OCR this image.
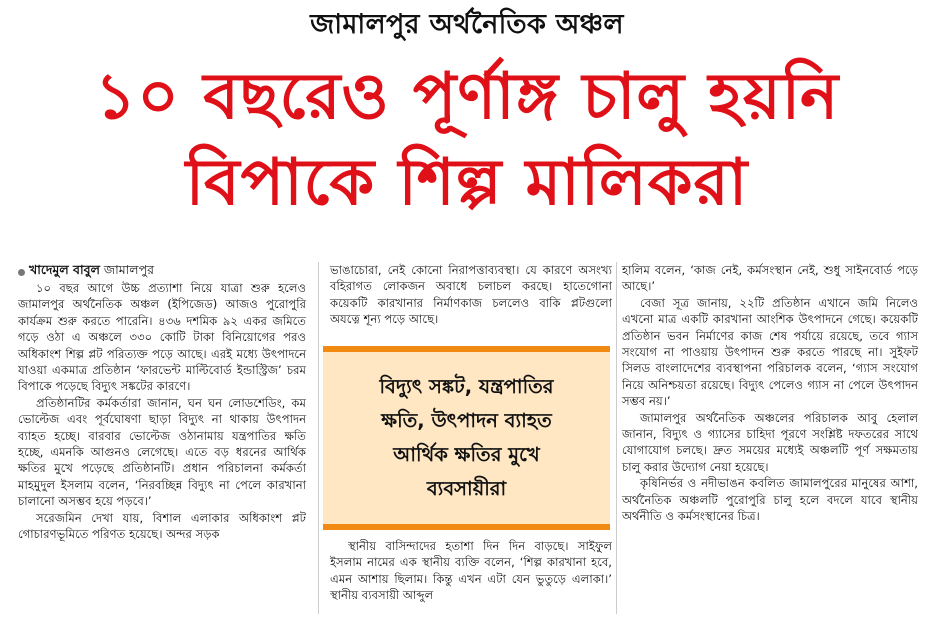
জামালপুর অর্থনৈতিক অঞ্চল
১০ বছরেও পূর্ণাঙ্গ চালু হয়নি
বিপাকে শিল্প মালিকরা
খাদেমুল বাবুল জামালপুর

১০ বছর আগে উচ্চ প্রত্যাশা নিয়ে যাত্রা শুরু হলেও জামালপুর অর্থনৈতিক অঞ্চল (ইপিজেড) আজও পুরোপুরি কার্যক্রম শুরু করতে পারেনি। ৪৩৬ দশমিক ৯২ একর জমিতে গড়ে ওঠা এ অঞ্চলে ৩৩০ কোটি টাকা বিনিয়োগের পরও অধিকাংশ শিল্প প্লট পরিত্যক্ত পড়ে আছে। এরই মধ্যে উৎপাদনে যাওয়া একমাত্র প্রতিষ্ঠান ‘ফারভেন্ট মাল্টিবোর্ড ইন্ডাস্ট্রিজ’ চরম বিপাকে পড়েছে বিদ্যুৎ সঙ্কটের কারণে।

প্রতিষ্ঠানটির কর্মকর্তারা জানান, ঘন ঘন লোডশেডিং, কম ভোল্টেজ এবং পূর্বঘোষণা ছাড়া বিদ্যুৎ না থাকায় উৎপাদন ব্যাহত হচ্ছে। বারবার ভোল্টেজ ওঠানামায় যন্ত্রপাতির ক্ষতি হচ্ছে, এমনকি আগুনও লেগেছে। এতে বড় ধরনের আর্থিক ক্ষতির মুখে পড়েছে প্রতিষ্ঠানটি। প্রধান পরিচালনা কর্মকর্তা মাহমুদুল ইসলাম বলেন, ‘নিরবচ্ছিন্ন বিদ্যুৎ না পেলে কারখানা চালানো অসম্ভব হয়ে পড়বে।’

সরেজমিন দেখা যায়, বিশাল এলাকার অধিকাংশ প্লট গোচারণভূমিতে পরিণত হয়েছে। অন্দর সড়ক

ভাঙাচোরা, নেই কোনো নিরাপত্তাব্যবস্থা। যে কারণে অসংখ্য বহিরাগত লোকজন অবাধে চলাচল করছে। হাতেগোনা কয়েকটি কারখানার নির্মাণকাজ চললেও বাকি প্লটগুলো অযত্নে শূন্য পড়ে আছে।

বিদ্যুৎ সঙ্কট, যন্ত্রপাতির
ক্ষতি, উৎপাদন ব্যাহত
আর্থিক ক্ষতির মুখে
ব্যবসায়ীরা

স্থানীয় বাসিন্দাদের হতাশা দিন দিন বাড়ছে। সাইফুল ইসলাম নামের এক স্থানীয় ব্যক্তি বলেন, ‘শিল্প কারখানা হবে, এমন আশায় ছিলাম। কিন্তু এখন এটা যেন ভুতুড়ে এলাকা।’ স্থানীয় ব্যবসায়ী আব্দুল

হালিম বলেন, ‘কাজ নেই, কর্মসংস্থান নেই, শুধু সাইনবোর্ড পড়ে আছে।’

বেজা সূত্র জানায়, ২২টি প্রতিষ্ঠান এখানে জমি নিলেও এখনো মাত্র একটি কারখানা আংশিক উৎপাদনে গেছে। কয়েকটি প্রতিষ্ঠান ভবন নির্মাণের কাজ শেষ পর্যায়ে রয়েছে, তবে গ্যাস সংযোগ না পাওয়ায় উৎপাদন শুরু করতে পারছে না। সুইফট সিলড বাংলাদেশের ব্যবস্থাপনা পরিচালক বলেন, ‘গ্যাস সংযোগ নিয়ে অনিশ্চয়তা রয়েছে। বিদ্যুৎ পেলেও গ্যাস না পেলে উৎপাদন সম্ভব নয়।’

জামালপুর অর্থনৈতিক অঞ্চলের পরিচালক আবু হেলাল জানান, বিদ্যুৎ ও গ্যাসের চাহিদা পূরণে সংশ্লিষ্ট দফতরের সাথে যোগাযোগ চলছে। দ্রুত সময়ের মধ্যেই অঞ্চলটি পূর্ণ সক্ষমতায় চালু করার উদ্যোগ নেয়া হয়েছে।

কৃষিনির্ভর ও নদীভাঙন কবলিত জামালপুরের মানুষের আশা, অর্থনৈতিক অঞ্চলটি পুরোপুরি চালু হলে বদলে যাবে স্থানীয় অর্থনীতি ও কর্মসংস্থানের চিত্র।
